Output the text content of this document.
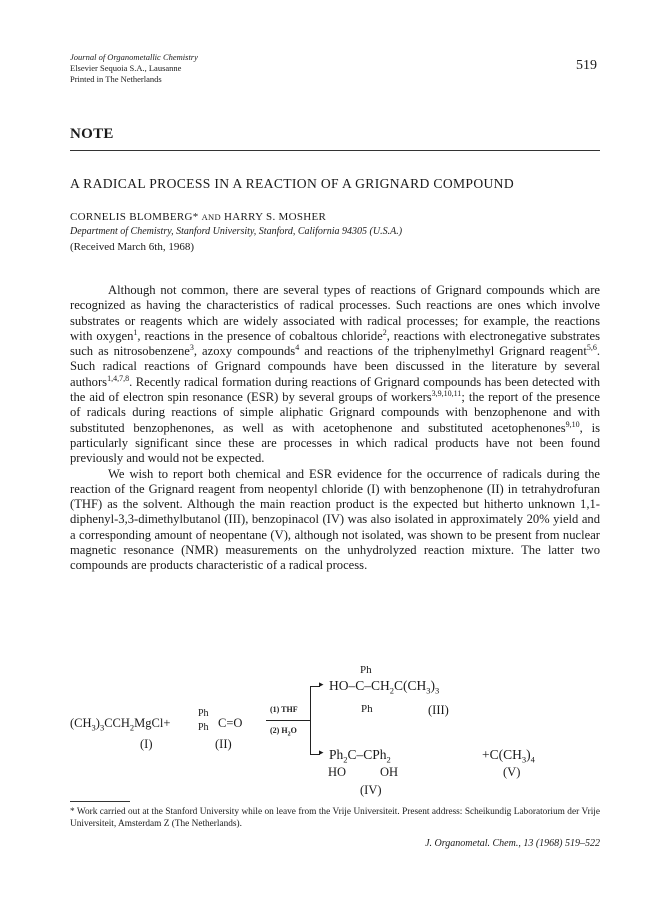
Journal of Organometallic Chemistry
Elsevier Sequoia S.A., Lausanne
Printed in The Netherlands
519
NOTE
A RADICAL PROCESS IN A REACTION OF A GRIGNARD COMPOUND
CORNELIS BLOMBERG* AND HARRY S. MOSHER
Department of Chemistry, Stanford University, Stanford, California 94305 (U.S.A.)
(Received March 6th, 1968)

Although not common, there are several types of reactions of Grignard compounds which are recognized as having the characteristics of radical processes. Such reactions are ones which involve substrates or reagents which are widely associated with radical processes; for example, the reactions with oxygen$^1$, reactions in the presence of cobaltous chloride$^2$, reactions with electronegative substrates such as nitrosobenzene$^3$, azoxy compounds$^4$ and reactions of the triphenylmethyl Grignard reagent$^{5,6}$. Such radical reactions of Grignard compounds have been discussed in the literature by several authors$^{1,4,7,8}$. Recently radical formation during reactions of Grignard compounds has been detected with the aid of electron spin resonance (ESR) by several groups of workers$^{3,9,10,11}$; the report of the presence of radicals during reactions of simple aliphatic Grignard compounds with benzophenone and with substituted benzophenones, as well as with acetophenone and substituted acetophenones$^{9,10}$, is particularly significant since these are processes in which radical products have not been found previously and would not be expected.

We wish to report both chemical and ESR evidence for the occurrence of radicals during the reaction of the Grignard reagent from neopentyl chloride (I) with benzophenone (II) in tetrahydrofuran (THF) as the solvent. Although the main reaction product is the expected but hitherto unknown 1,1-diphenyl-3,3-dimethylbutanol (III), benzopinacol (IV) was also isolated in approximately 20% yield and a corresponding amount of neopentane (V), although not isolated, was shown to be present from nuclear magnetic resonance (NMR) measurements on the unhydrolyzed reaction mixture. The latter two compounds are products characteristic of a radical process.

$(CH_3)_3CCH_2MgCl+$
Ph
Ph C=O
(I)	(II)
(1) THF
(2) $H_2O$
▸
▸
Ph
$HO-C-CH_2C(CH_3)_3$
Ph	(III)
$Ph_2C-CPh_2$
HO	OH
(IV)
$+C(CH_3)_4$
(V)
* Work carried out at the Stanford University while on leave from the Vrije Universiteit. Present address: Scheikundig Laboratorium der Vrije Universiteit, Amsterdam Z (The Netherlands).
J. Organometal. Chem., 13 (1968) 519–522
